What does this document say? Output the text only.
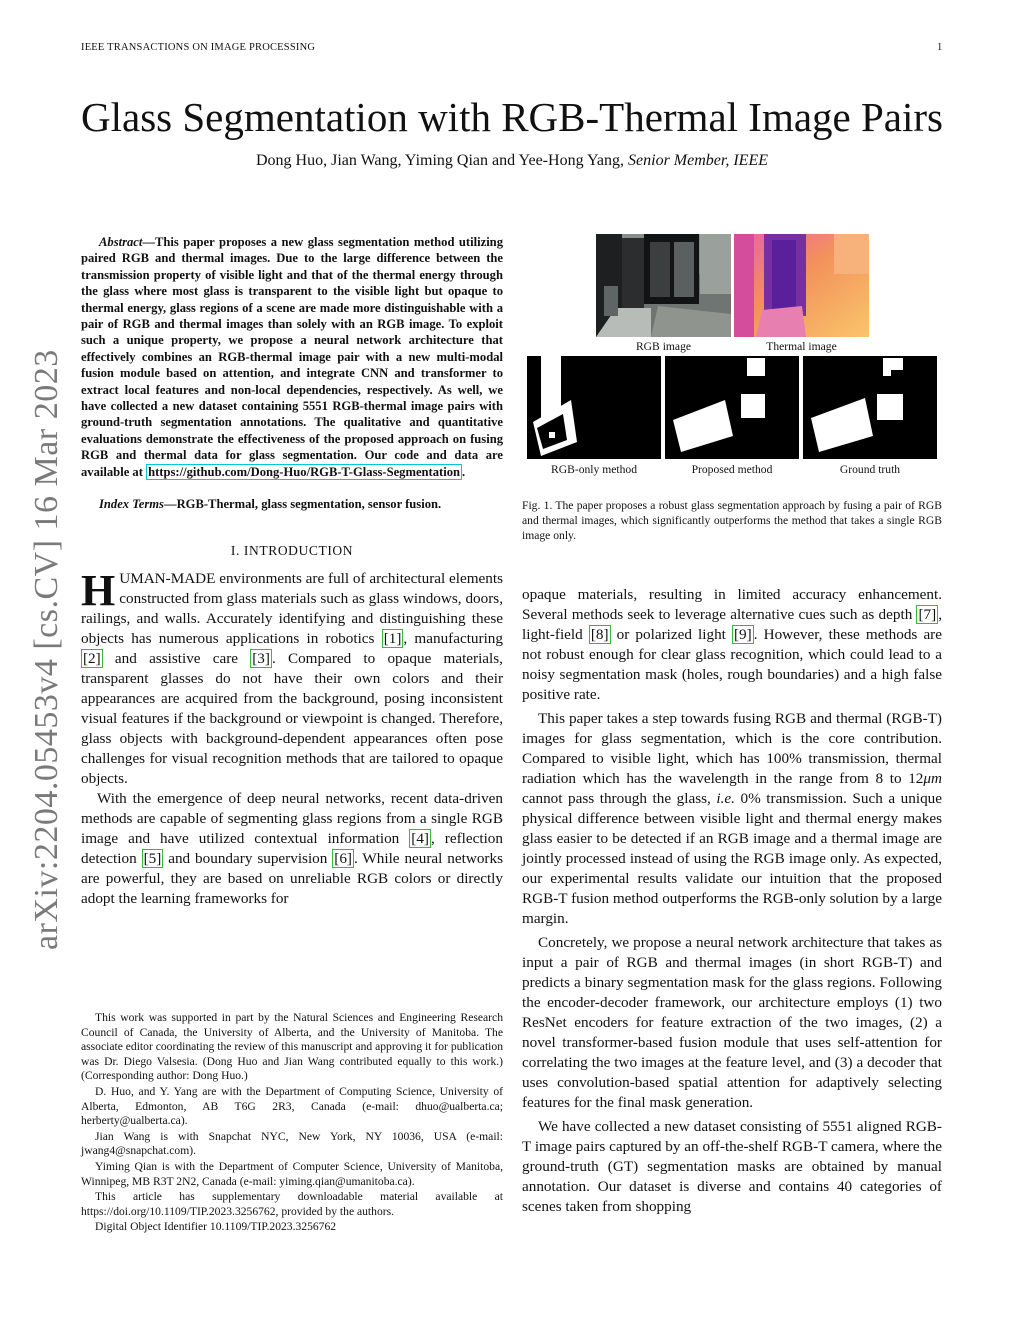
IEEE TRANSACTIONS ON IMAGE PROCESSING	1
arXiv:2204.05453v4 [cs.CV] 16 Mar 2023
Glass Segmentation with RGB-Thermal Image Pairs
Dong Huo, Jian Wang, Yiming Qian and Yee-Hong Yang, Senior Member, IEEE

Abstract—This paper proposes a new glass segmentation method utilizing paired RGB and thermal images. Due to the large difference between the transmission property of visible light and that of the thermal energy through the glass where most glass is transparent to the visible light but opaque to thermal energy, glass regions of a scene are made more distinguishable with a pair of RGB and thermal images than solely with an RGB image. To exploit such a unique property, we propose a neural network architecture that effectively combines an RGB-thermal image pair with a new multi-modal fusion module based on attention, and integrate CNN and transformer to extract local features and non-local dependencies, respectively. As well, we have collected a new dataset containing 5551 RGB-thermal image pairs with ground-truth segmentation annotations. The qualitative and quantitative evaluations demonstrate the effectiveness of the proposed approach on fusing RGB and thermal data for glass segmentation. Our code and data are available at https://github.com/Dong-Huo/RGB-T-Glass-Segmentation .

Index Terms—RGB-Thermal, glass segmentation, sensor fusion.

I. INTRODUCTION

HUMAN-MADE environments are full of architectural elements constructed from glass materials such as glass windows, doors, railings, and walls. Accurately identifying and distinguishing these objects has numerous applications in robotics [1] , manufacturing [2] and assistive care [3] . Compared to opaque materials, transparent glasses do not have their own colors and their appearances are acquired from the background, posing inconsistent visual features if the background or viewpoint is changed. Therefore, glass objects with background-dependent appearances often pose challenges for visual recognition methods that are tailored to opaque objects.

With the emergence of deep neural networks, recent data-driven methods are capable of segmenting glass regions from a single RGB image and have utilized contextual information [4] , reflection detection [5] and boundary supervision [6] . While neural networks are powerful, they are based on unreliable RGB colors or directly adopt the learning frameworks for

This work was supported in part by the Natural Sciences and Engineering Research Council of Canada, the University of Alberta, and the University of Manitoba. The associate editor coordinating the review of this manuscript and approving it for publication was Dr. Diego Valsesia. (Dong Huo and Jian Wang contributed equally to this work.) (Corresponding author: Dong Huo.)

D. Huo, and Y. Yang are with the Department of Computing Science, University of Alberta, Edmonton, AB T6G 2R3, Canada (e-mail: dhuo@ualberta.ca; herberty@ualberta.ca).

Jian Wang is with Snapchat NYC, New York, NY 10036, USA (e-mail: jwang4@snapchat.com).

Yiming Qian is with the Department of Computer Science, University of Manitoba, Winnipeg, MB R3T 2N2, Canada (e-mail: yiming.qian@umanitoba.ca).

This article has supplementary downloadable material available at https://doi.org/10.1109/TIP.2023.3256762, provided by the authors.

Digital Object Identifier 10.1109/TIP.2023.3256762

RGB image	Thermal image
RGB-only method	Proposed method	Ground truth

Fig. 1. The paper proposes a robust glass segmentation approach by fusing a pair of RGB and thermal images, which significantly outperforms the method that takes a single RGB image only.

opaque materials, resulting in limited accuracy enhancement. Several methods seek to leverage alternative cues such as depth [7] , light-field [8] or polarized light [9] . However, these methods are not robust enough for clear glass recognition, which could lead to a noisy segmentation mask (holes, rough boundaries) and a high false positive rate.

This paper takes a step towards fusing RGB and thermal (RGB-T) images for glass segmentation, which is the core contribution. Compared to visible light, which has 100% transmission, thermal radiation which has the wavelength in the range from 8 to 12μm cannot pass through the glass, i.e. 0% transmission. Such a unique physical difference between visible light and thermal energy makes glass easier to be detected if an RGB image and a thermal image are jointly processed instead of using the RGB image only. As expected, our experimental results validate our intuition that the proposed RGB-T fusion method outperforms the RGB-only solution by a large margin.

Concretely, we propose a neural network architecture that takes as input a pair of RGB and thermal images (in short RGB-T) and predicts a binary segmentation mask for the glass regions. Following the encoder-decoder framework, our architecture employs (1) two ResNet encoders for feature extraction of the two images, (2) a novel transformer-based fusion module that uses self-attention for correlating the two images at the feature level, and (3) a decoder that uses convolution-based spatial attention for adaptively selecting features for the final mask generation.

We have collected a new dataset consisting of 5551 aligned RGB-T image pairs captured by an off-the-shelf RGB-T camera, where the ground-truth (GT) segmentation masks are obtained by manual annotation. Our dataset is diverse and contains 40 categories of scenes taken from shopping
